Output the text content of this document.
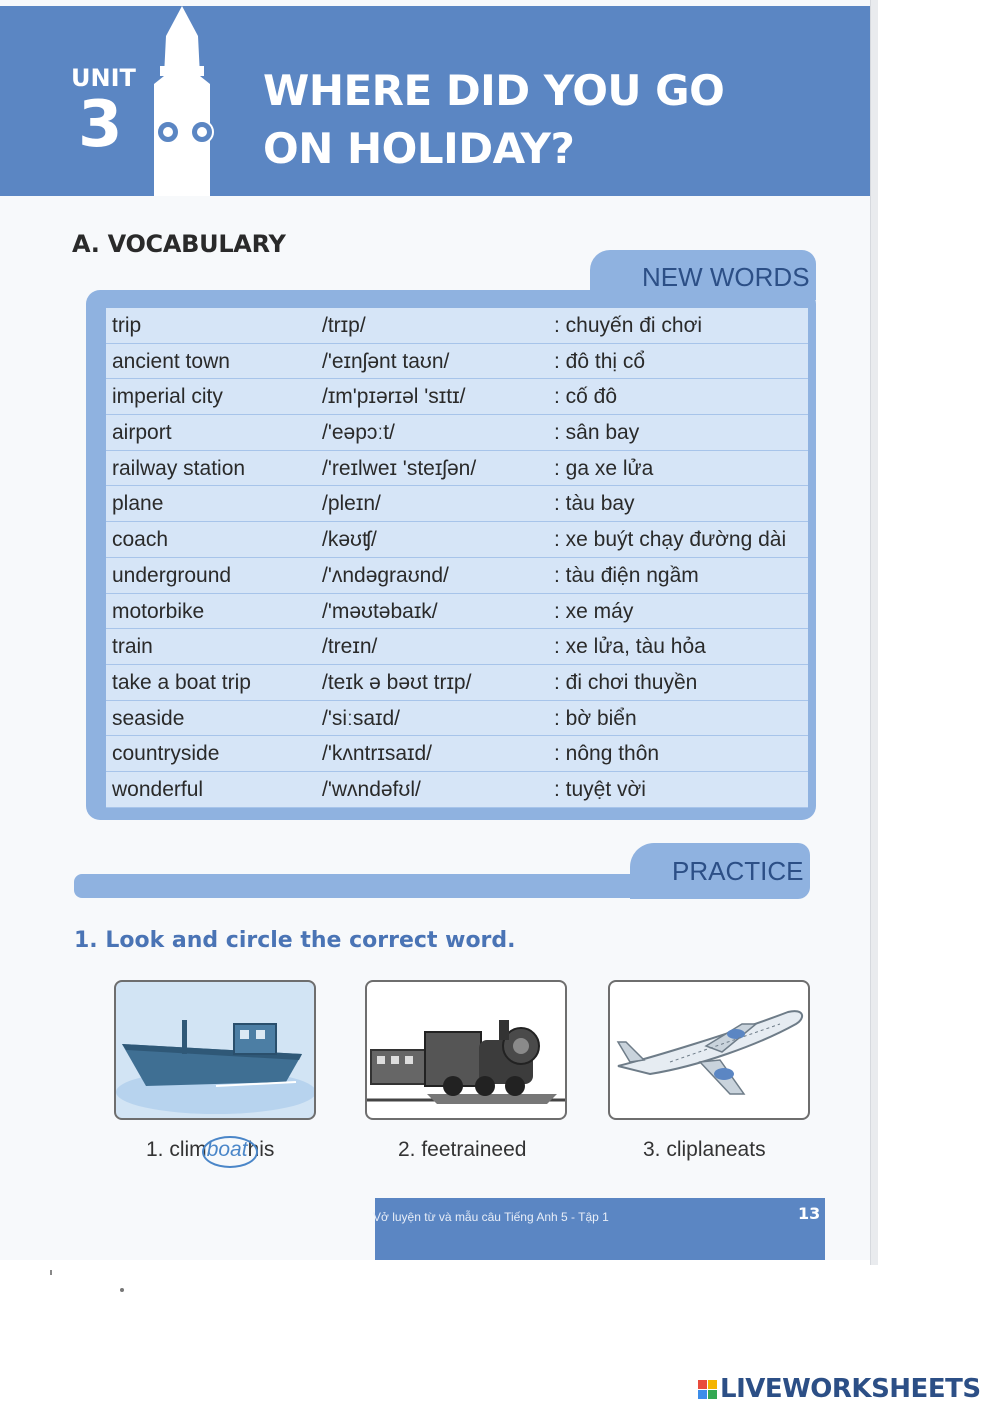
UNIT
3	WHERE DID YOU GO
ON HOLIDAY?
A. VOCABULARY
NEW WORDS
trip	/trɪp/	: chuyến đi chơi
ancient town	/'eɪnʃənt taʊn/	: đô thị cổ
imperial city	/ɪm'pɪərɪəl 'sɪtɪ/	: cố đô
airport	/'eəpɔːt/	: sân bay
railway station	/'reɪlweɪ 'steɪʃən/	: ga xe lửa
plane	/pleɪn/	: tàu bay
coach	/kəʊʧ/	: xe buýt chạy đường dài
underground	/'ʌndəgraʊnd/	: tàu điện ngầm
motorbike	/'məʊtəbaɪk/	: xe máy
train	/treɪn/	: xe lửa, tàu hỏa
take a boat trip	/teɪk ə bəʊt trɪp/	: đi chơi thuyền
seaside	/'siːsaɪd/	: bờ biển
countryside	/'kʌntrɪsaɪd/	: nông thôn
wonderful	/'wʌndəfʊl/	: tuyệt vời
PRACTICE
1. Look and circle the correct word.
1. climboathis	2. feetraineed	3. cliplaneats
Vở luyện từ và mẫu câu Tiếng Anh 5 - Tập 1	13
LIVEWORKSHEETS
